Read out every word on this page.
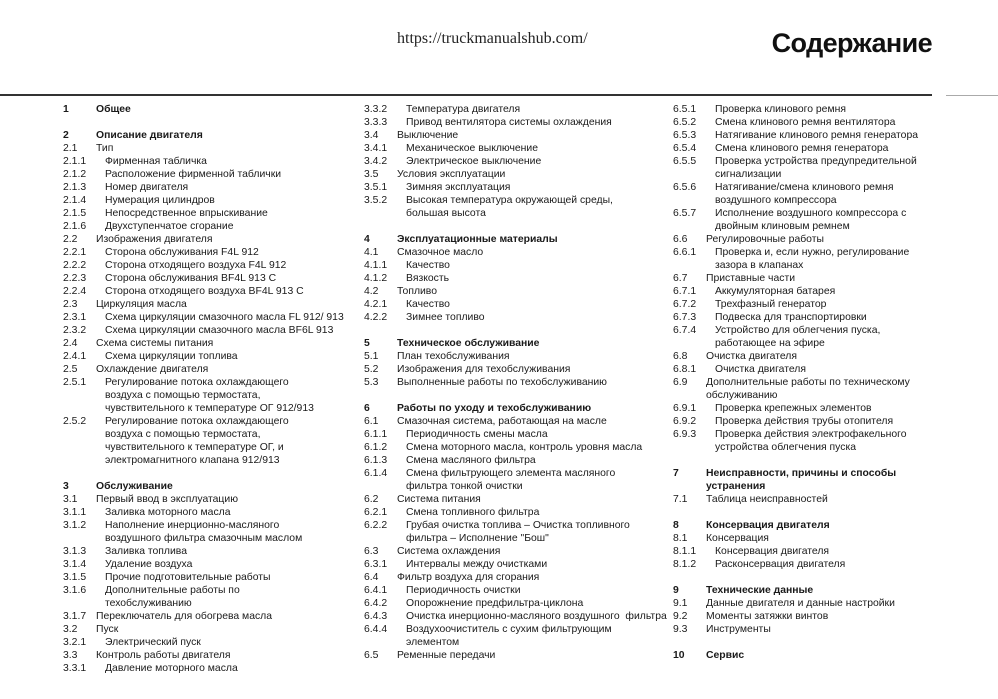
https://truckmanualshub.com/	Содержание
1	Общее
2	Описание двигателя
2.1	Тип
2.1.1	Фирменная табличка
2.1.2	Расположение фирменной таблички
2.1.3	Номер двигателя
2.1.4	Нумерация цилиндров
2.1.5	Непосредственное впрыскивание
2.1.6	Двухступенчатое сгорание
2.2	Изображения двигателя
2.2.1	Сторона обслуживания F4L 912
2.2.2	Сторона отходящего воздуха F4L 912
2.2.3	Сторона обслуживания BF4L 913 C
2.2.4	Сторона отходящего воздуха BF4L 913 C
2.3	Циркуляция масла
2.3.1	Схема циркуляции смазочного масла FL 912/ 913
2.3.2	Схема циркуляции смазочного масла BF6L 913
2.4	Схема системы питания
2.4.1	Схема циркуляции топлива
2.5	Охлаждение двигателя
2.5.1	Регулирование потока охлаждающего
воздуха с помощью термостата,
чувствительного к температуре ОГ 912/913
2.5.2	Регулирование потока охлаждающего
воздуха с помощью термостата,
чувствительного к температуре ОГ, и
электромагнитного клапана 912/913
3	Обслуживание
3.1	Первый ввод в эксплуатацию
3.1.1	Заливка моторного масла
3.1.2	Наполнение инерционно-масляного
воздушного фильтра смазочным маслом
3.1.3	Заливка топлива
3.1.4	Удаление воздуха
3.1.5	Прочие подготовительные работы
3.1.6	Дополнительные работы по
техобслуживанию
3.1.7 Переключатель для обогрева масла
3.2	Пуск
3.2.1	Электрический пуск
3.3	Контроль работы двигателя
3.3.1	Давление моторного масла
3.3.2	Температура двигателя
3.3.3	Привод вентилятора системы охлаждения
3.4	Выключение
3.4.1	Механическое выключение
3.4.2	Электрическое выключение
3.5	Условия эксплуатации
3.5.1	Зимняя эксплуатация
3.5.2	Высокая температура окружающей среды,
большая высота
4	Эксплуатационные материалы
4.1	Смазочное масло
4.1.1	Качество
4.1.2	Вязкость
4.2	Топливо
4.2.1	Качество
4.2.2	Зимнее топливо
5	Техническое обслуживание
5.1	План техобслуживания
5.2	Изображения для техобслуживания
5.3	Выполненные работы по техобслуживанию
6	Работы по уходу и техобслуживанию
6.1	Смазочная система, работающая на масле
6.1.1	Периодичность смены масла
6.1.2	Смена моторного масла, контроль уровня масла
6.1.3	Смена масляного фильтра
6.1.4	Смена фильтрующего элемента масляного
фильтра тонкой очистки
6.2	Система питания
6.2.1	Смена топливного фильтра
6.2.2	Грубая очистка топлива – Очистка топливного
фильтра – Исполнение "Бош"
6.3	Система охлаждения
6.3.1	Интервалы между очистками
6.4	Фильтр воздуха для сгорания
6.4.1	Периодичность очистки
6.4.2	Опорожнение предфильтра-циклона
6.4.3	Очистка инерционно-масляного воздушного  фильтра
6.4.4	Воздухоочиститель с сухим фильтрующим
элементом
6.5	Ременные передачи
6.5.1	Проверка клинового ремня
6.5.2	Смена клинового ремня вентилятора
6.5.3	Натягивание клинового ремня генератора
6.5.4	Смена клинового ремня генератора
6.5.5	Проверка устройства предупредительной
сигнализации
6.5.6	Натягивание/смена клинового ремня
воздушного компрессора
6.5.7	Исполнение воздушного компрессора с
двойным клиновым ремнем
6.6	Регулировочные работы
6.6.1	Проверка и, если нужно, регулирование
зазора в клапанах
6.7	Приставные части
6.7.1	Аккумуляторная батарея
6.7.2	Трехфазный генератор
6.7.3	Подвеска для транспортировки
6.7.4	Устройство для облегчения пуска,
работающее на эфире
6.8	Очистка двигателя
6.8.1	Очистка двигателя
6.9	Дополнительные работы по техническому
обслуживанию
6.9.1	Проверка крепежных элементов
6.9.2	Проверка действия трубы отопителя
6.9.3	Проверка действия электрофакельного
устройства облегчения пуска
7	Неисправности, причины и способы
устранения
7.1	Таблица неисправностей
8	Консервация двигателя
8.1	Консервация
8.1.1	Консервация двигателя
8.1.2	Расконсервация двигателя
9	Технические данные
9.1	Данные двигателя и данные настройки
9.2	Моменты затяжки винтов
9.3	Инструменты
10	Сервис
